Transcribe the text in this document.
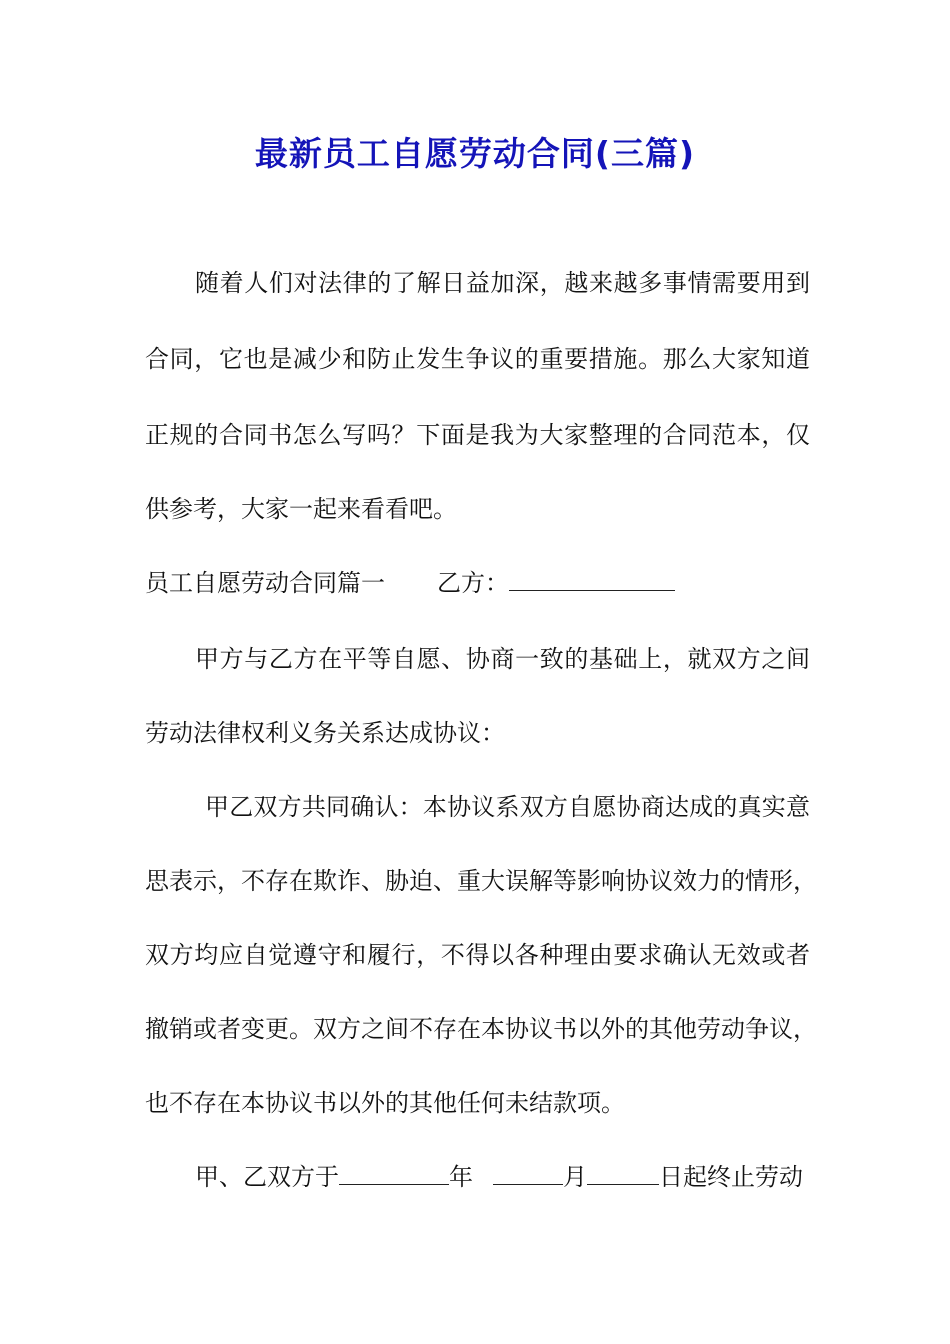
最新员工自愿劳动合同(三篇)
随着人们对法律的了解日益加深，越来越多事情需要用到
合同，它也是减少和防止发生争议的重要措施。那么大家知道
正规的合同书怎么写吗？下面是我为大家整理的合同范本，仅
供参考，大家一起来看看吧。
员工自愿劳动合同篇一 乙方：
甲方与乙方在平等自愿、协商一致的基础上，就双方之间
劳动法律权利义务关系达成协议：
甲乙双方共同确认：本协议系双方自愿协商达成的真实意
思表示，不存在欺诈、胁迫、重大误解等影响协议效力的情形，
双方均应自觉遵守和履行，不得以各种理由要求确认无效或者
撤销或者变更。双方之间不存在本协议书以外的其他劳动争议，
也不存在本协议书以外的其他任何未结款项。
甲、乙双方于	年	月	日起终止劳动
